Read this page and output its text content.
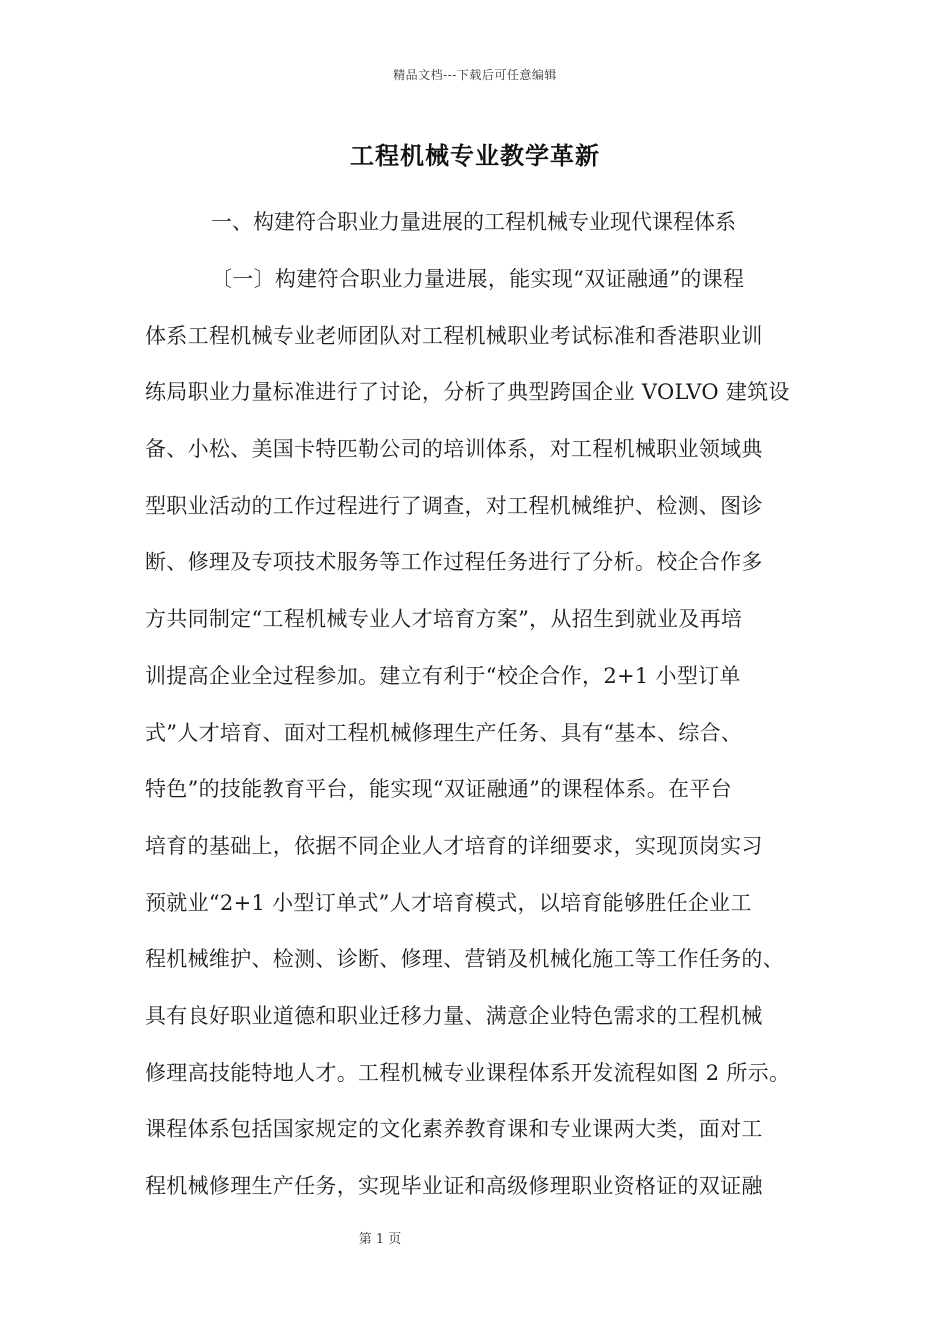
精品文档---下载后可任意编辑
工程机械专业教学革新
一、构建符合职业力量进展的工程机械专业现代课程体系
〔一〕构建符合职业力量进展，能实现“双证融通”的课程
体系工程机械专业老师团队对工程机械职业考试标准和香港职业训
练局职业力量标准进行了讨论，分析了典型跨国企业 VOLVO 建筑设
备、小松、美国卡特匹勒公司的培训体系，对工程机械职业领域典
型职业活动的工作过程进行了调查，对工程机械维护、检测、图诊
断、修理及专项技术服务等工作过程任务进行了分析。校企合作多
方共同制定“工程机械专业人才培育方案”，从招生到就业及再培
训提高企业全过程参加。建立有利于“校企合作，2+1 小型订单
式”人才培育、面对工程机械修理生产任务、具有“基本、综合、
特色”的技能教育平台，能实现“双证融通”的课程体系。在平台
培育的基础上，依据不同企业人才培育的详细要求，实现顶岗实习
预就业“2+1 小型订单式”人才培育模式，以培育能够胜任企业工
程机械维护、检测、诊断、修理、营销及机械化施工等工作任务的、
具有良好职业道德和职业迁移力量、满意企业特色需求的工程机械
修理高技能特地人才。工程机械专业课程体系开发流程如图 2 所示。
课程体系包括国家规定的文化素养教育课和专业课两大类，面对工
程机械修理生产任务，实现毕业证和高级修理职业资格证的双证融
第 1 页
